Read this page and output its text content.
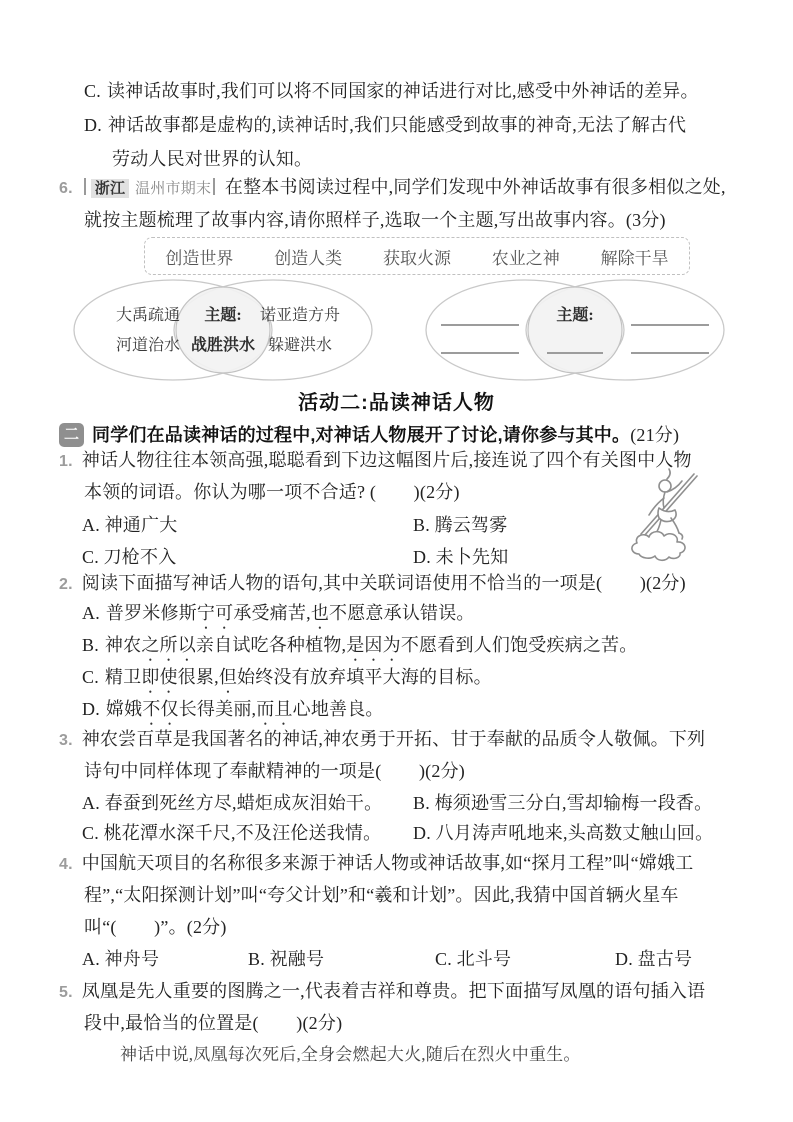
C. 读神话故事时,我们可以将不同国家的神话进行对比,感受中外神话的差异。
D. 神话故事都是虚构的,读神话时,我们只能感受到故事的神奇,无法了解古代
劳动人民对世界的认知。
6. 浙江 温州市期末 在整本书阅读过程中,同学们发现中外神话故事有很多相似之处,
就按主题梳理了故事内容,请你照样子,选取一个主题,写出故事内容。(3分)
创造世界 创造人类 获取火源 农业之神 解除干旱
大禹疏通
河道治水
主题:
战胜洪水
诺亚造方舟
躲避洪水
主题:
活动二:品读神话人物
二 同学们在品读神话的过程中,对神话人物展开了讨论,请你参与其中。(21分)
1. 神话人物往往本领高强,聪聪看到下边这幅图片后,接连说了四个有关图中人物
本领的词语。你认为哪一项不合适? (        )(2分)
A. 神通广大	B. 腾云驾雾
C. 刀枪不入	D. 未卜先知
2. 阅读下面描写神话人物的语句,其中关联词语使用不恰当的一项是(        )(2分)
A. 普罗米修斯宁可承受痛苦,也不愿意承认错误。
B. 神农之所以亲自试吃各种植物,是因为不愿看到人们饱受疾病之苦。
C. 精卫即使很累,但始终没有放弃填平大海的目标。
D. 嫦娥不仅长得美丽,而且心地善良。
3. 神农尝百草是我国著名的神话,神农勇于开拓、甘于奉献的品质令人敬佩。下列
诗句中同样体现了奉献精神的一项是(        )(2分)
A. 春蚕到死丝方尽,蜡炬成灰泪始干。 B. 梅须逊雪三分白,雪却输梅一段香。
C. 桃花潭水深千尺,不及汪伦送我情。 D. 八月涛声吼地来,头高数丈触山回。
4. 中国航天项目的名称很多来源于神话人物或神话故事,如“探月工程”叫“嫦娥工
程”,“太阳探测计划”叫“夸父计划”和“羲和计划”。因此,我猜中国首辆火星车
叫“(        )”。(2分)
A. 神舟号	B. 祝融号	C. 北斗号	D. 盘古号
5. 凤凰是先人重要的图腾之一,代表着吉祥和尊贵。把下面描写凤凰的语句插入语
段中,最恰当的位置是(        )(2分)
神话中说,凤凰每次死后,全身会燃起大火,随后在烈火中重生。
